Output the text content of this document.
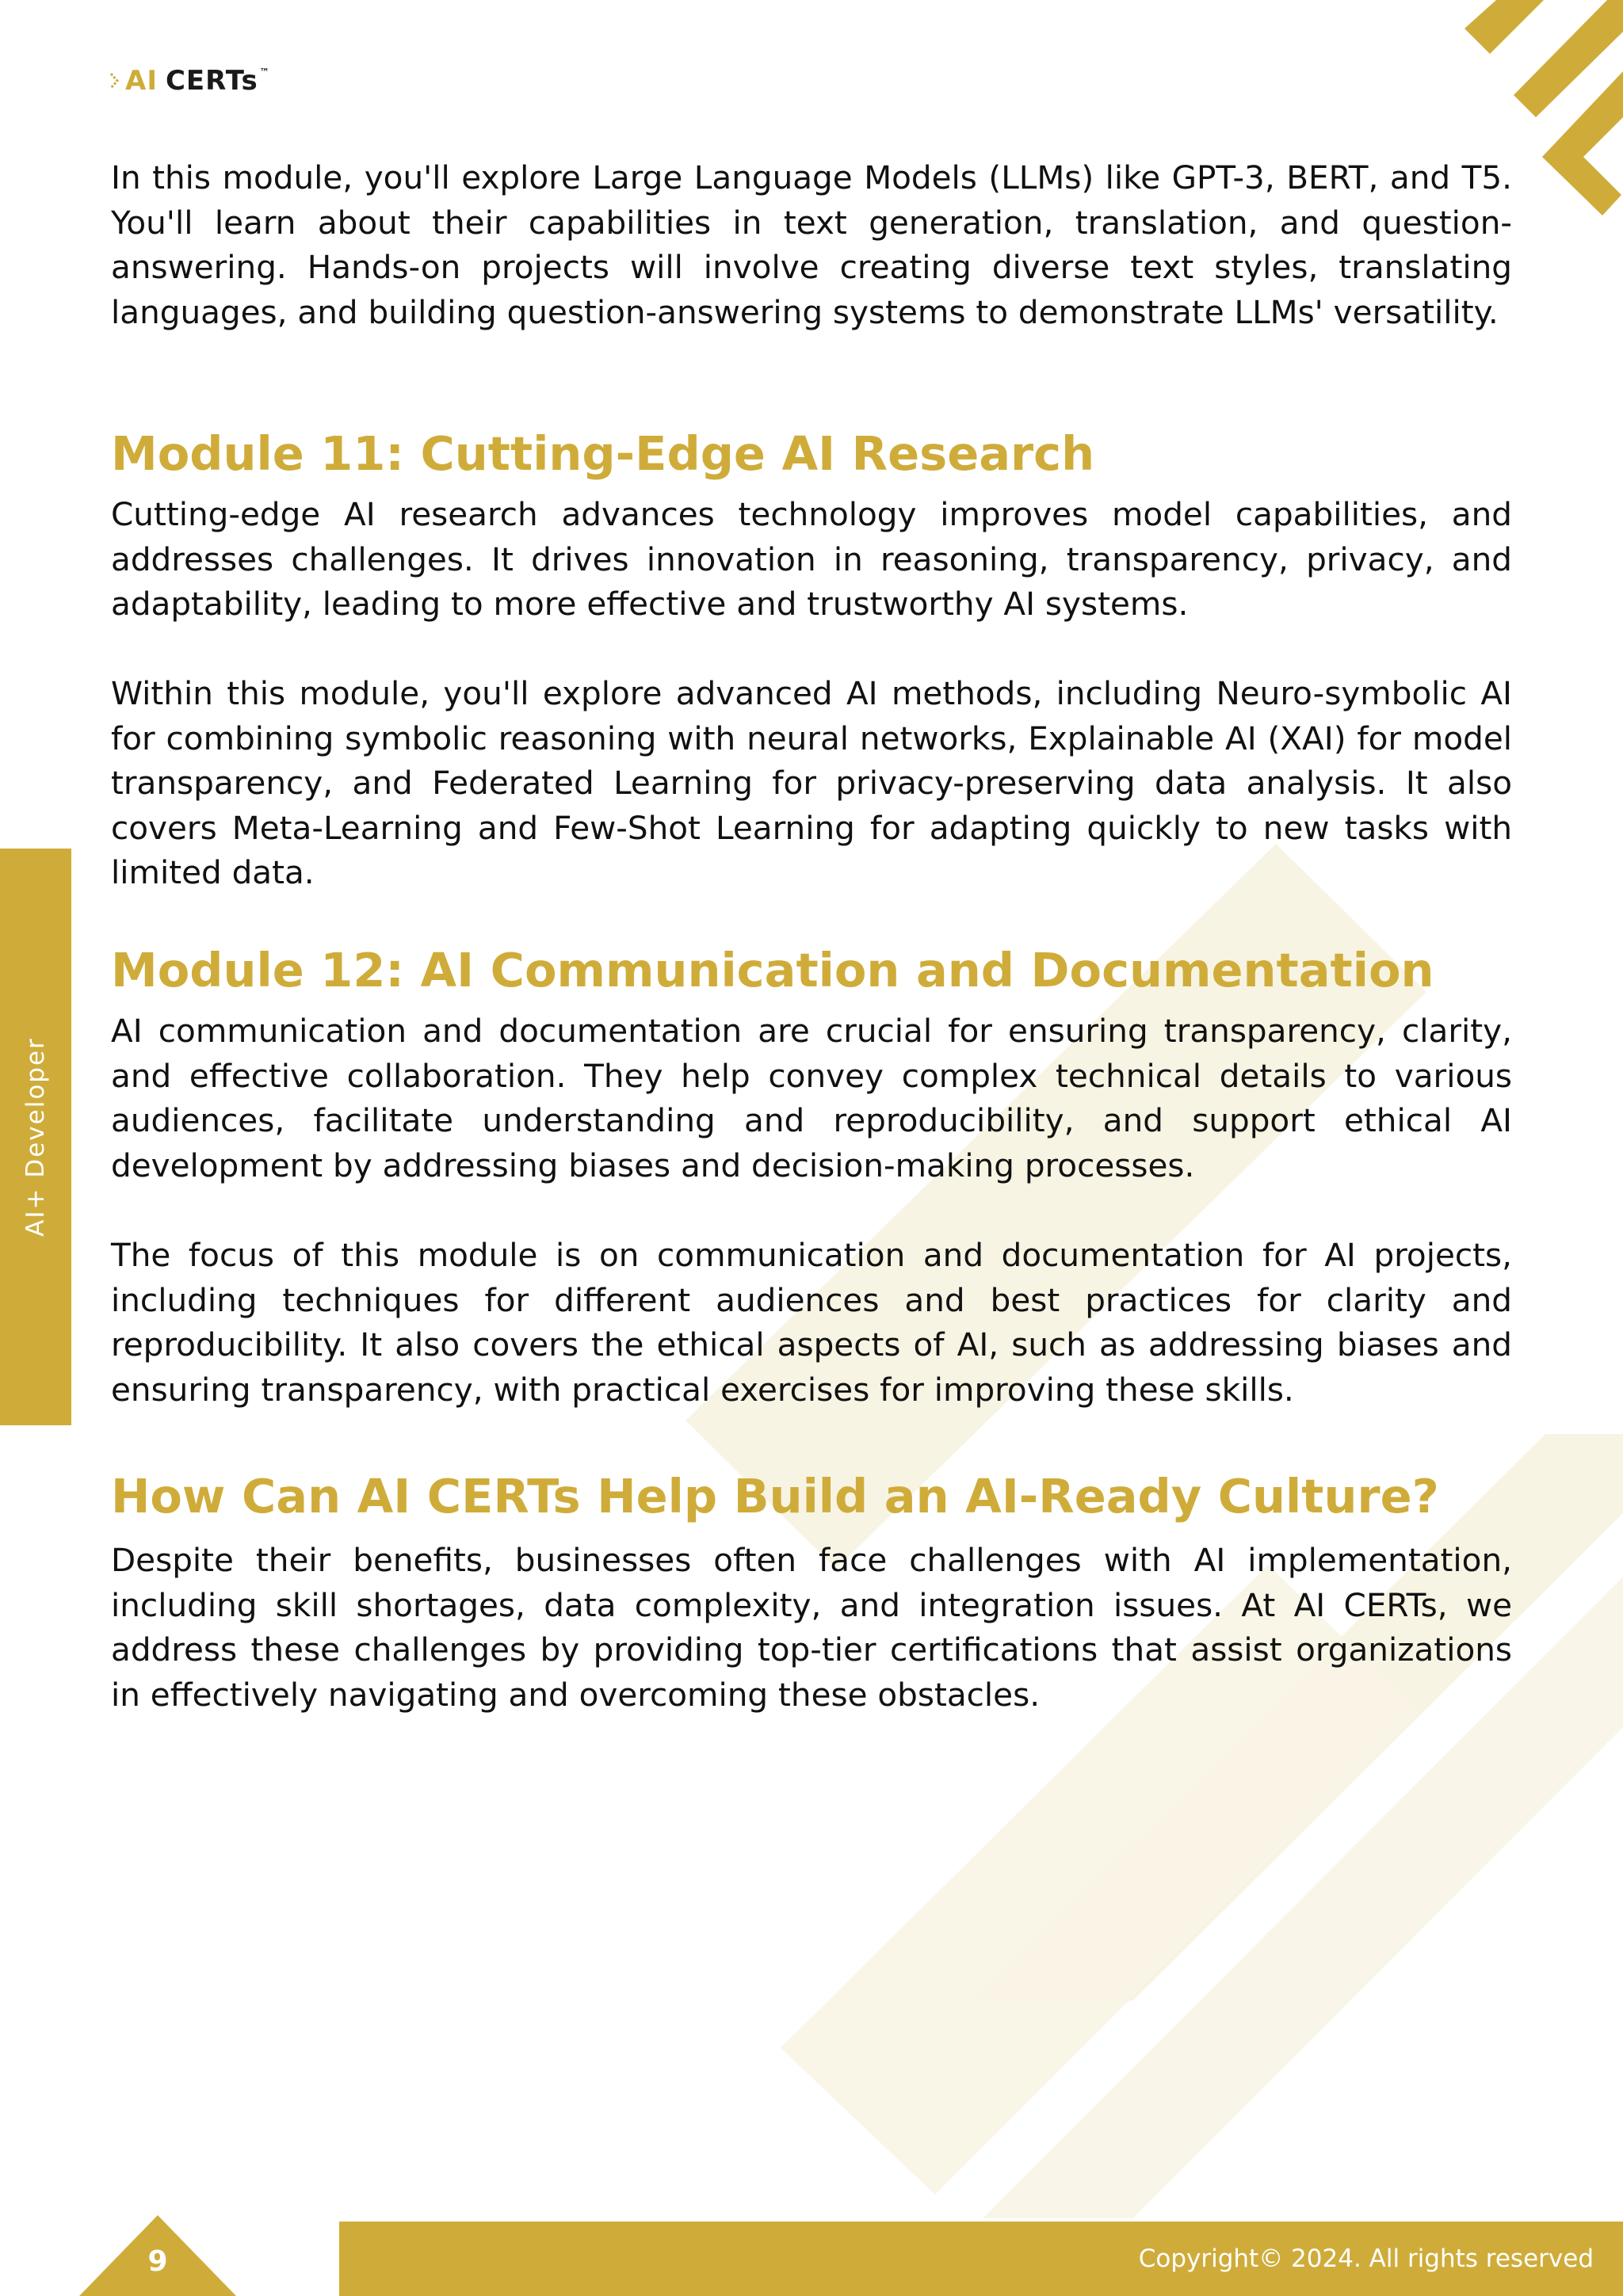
AI CERTs ™
AI+ Developer

In this module, you'll explore Large Language Models (LLMs) like GPT-3, BERT, and T5. You'll learn about their capabilities in text generation, translation, and question-answering. Hands-on projects will involve creating diverse text styles, translating languages, and building question-answering systems to demonstrate LLMs' versatility.

Module 11: Cutting-Edge AI Research

Cutting-edge AI research advances technology improves model capabilities, and addresses challenges. It drives innovation in reasoning, transparency, privacy, and adaptability, leading to more effective and trustworthy AI systems.

Within this module, you'll explore advanced AI methods, including Neuro-symbolic AI for combining symbolic reasoning with neural networks, Explainable AI (XAI) for model transparency, and Federated Learning for privacy-preserving data analysis. It also covers Meta-Learning and Few-Shot Learning for adapting quickly to new tasks with limited data.

Module 12: AI Communication and Documentation

AI communication and documentation are crucial for ensuring transparency, clarity, and effective collaboration. They help convey complex technical details to various audiences, facilitate understanding and reproducibility, and support ethical AI development by addressing biases and decision-making processes.

The focus of this module is on communication and documentation for AI projects, including techniques for different audiences and best practices for clarity and reproducibility. It also covers the ethical aspects of AI, such as addressing biases and ensuring transparency, with practical exercises for improving these skills.

How Can AI CERTs Help Build an AI-Ready Culture?

Despite their benefits, businesses often face challenges with AI implementation, including skill shortages, data complexity, and integration issues. At AI CERTs, we address these challenges by providing top-tier certifications that assist organizations in effectively navigating and overcoming these obstacles.

9	Copyright© 2024. All rights reserved
